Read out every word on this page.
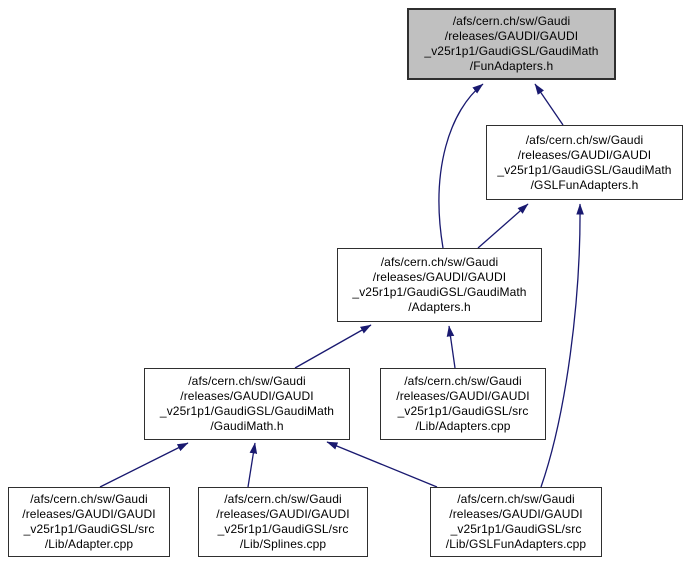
/afs/cern.ch/sw/Gaudi
/releases/GAUDI/GAUDI
_v25r1p1/GaudiGSL/GaudiMath
/FunAdapters.h
/afs/cern.ch/sw/Gaudi
/releases/GAUDI/GAUDI
_v25r1p1/GaudiGSL/GaudiMath
/GSLFunAdapters.h
/afs/cern.ch/sw/Gaudi
/releases/GAUDI/GAUDI
_v25r1p1/GaudiGSL/GaudiMath
/Adapters.h
/afs/cern.ch/sw/Gaudi
/releases/GAUDI/GAUDI
_v25r1p1/GaudiGSL/GaudiMath
/GaudiMath.h
/afs/cern.ch/sw/Gaudi
/releases/GAUDI/GAUDI
_v25r1p1/GaudiGSL/src
/Lib/Adapters.cpp
/afs/cern.ch/sw/Gaudi
/releases/GAUDI/GAUDI
_v25r1p1/GaudiGSL/src
/Lib/Adapter.cpp
/afs/cern.ch/sw/Gaudi
/releases/GAUDI/GAUDI
_v25r1p1/GaudiGSL/src
/Lib/Splines.cpp
/afs/cern.ch/sw/Gaudi
/releases/GAUDI/GAUDI
_v25r1p1/GaudiGSL/src
/Lib/GSLFunAdapters.cpp
